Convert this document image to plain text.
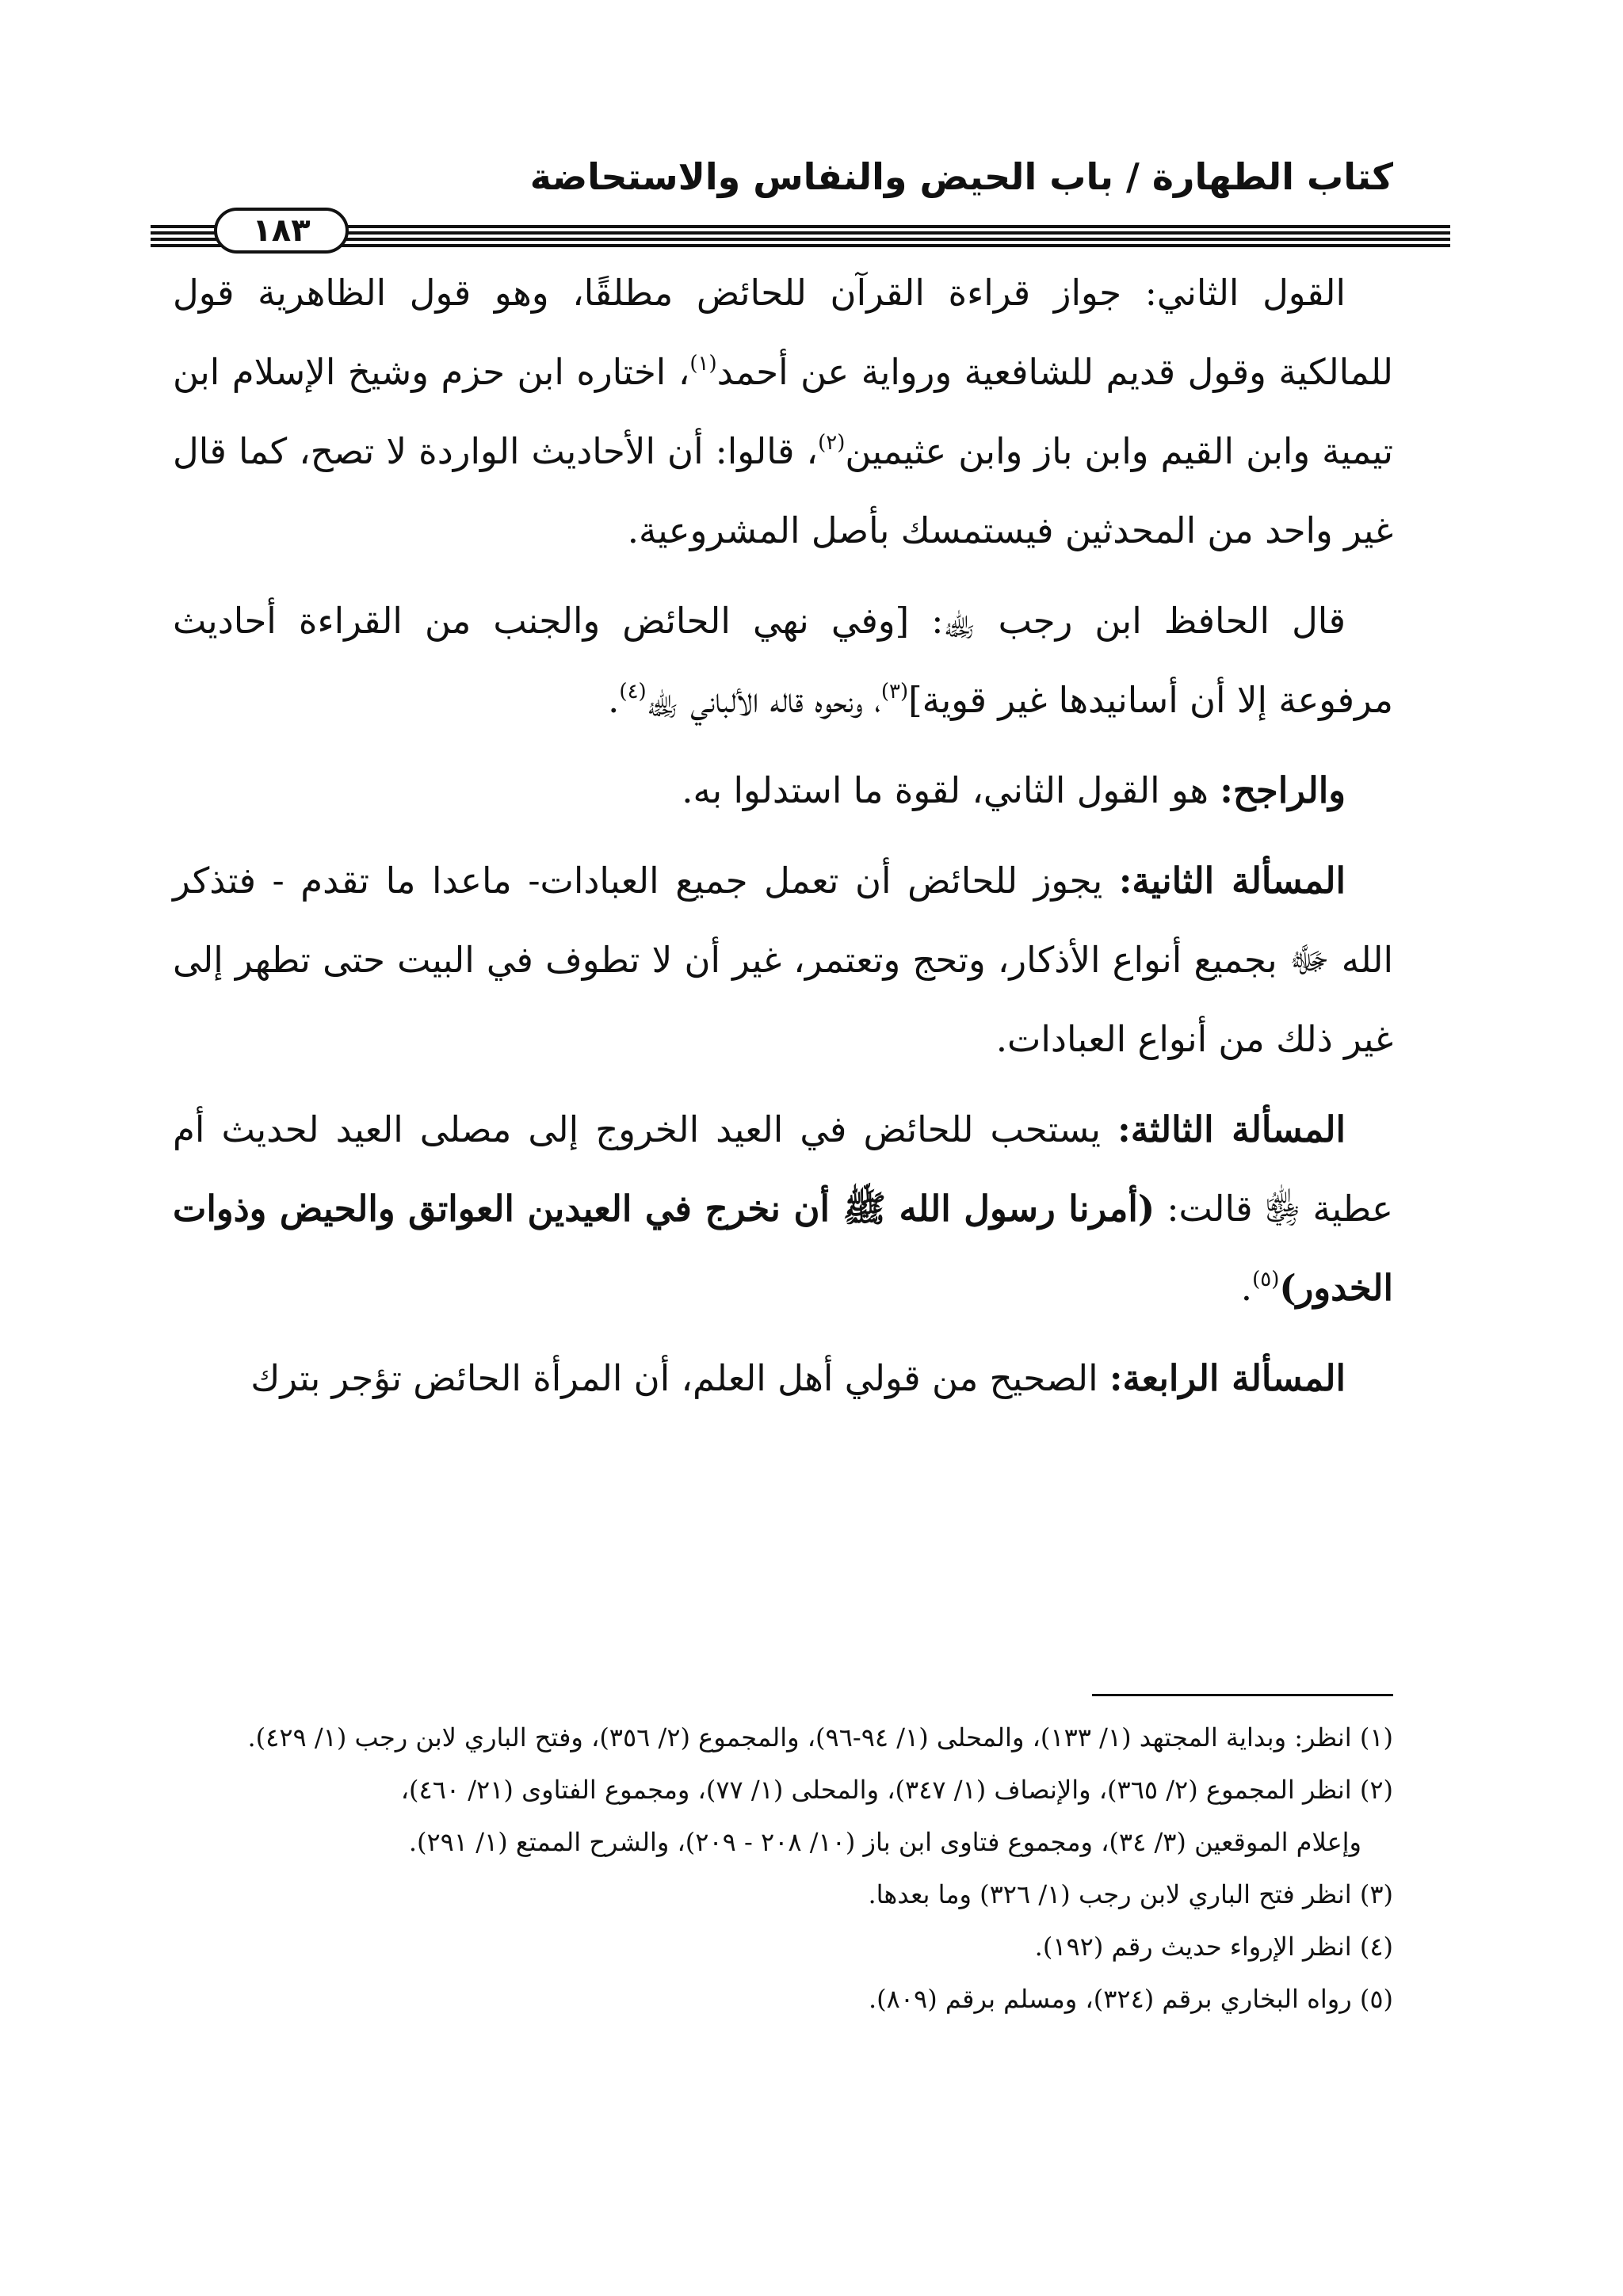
كتاب الطهارة / باب الحيض والنفاس والاستحاضة
١٨٣

القول الثاني: جواز قراءة القرآن للحائض مطلقًا، وهو قول الظاهرية قول للمالكية وقول قديم للشافعية ورواية عن أحمد$^{(١)}$، اختاره ابن حزم وشيخ الإسلام ابن تيمية وابن القيم وابن باز وابن عثيمين$^{(٢)}$، قالوا: أن الأحاديث الواردة لا تصح، كما قال غير واحد من المحدثين فيستمسك بأصل المشروعية.

قال الحافظ ابن رجب ﵀: [وفي نهي الحائض والجنب من القراءة أحاديث مرفوعة إلا أن أسانيدها غير قوية]$^{(٣)}$، ونحوه قاله الألباني ﵀$^{(٤)}$.

والراجح: هو القول الثاني، لقوة ما استدلوا به.

المسألة الثانية: يجوز للحائض أن تعمل جميع العبادات- ماعدا ما تقدم - فتذكر الله ﷻ بجميع أنواع الأذكار، وتحج وتعتمر، غير أن لا تطوف في البيت حتى تطهر إلى غير ذلك من أنواع العبادات.

المسألة الثالثة: يستحب للحائض في العيد الخروج إلى مصلى العيد لحديث أم عطية ﵂ قالت: (أمرنا رسول الله ﷺ أن نخرج في العيدين العواتق والحيض وذوات الخدور)$^{(٥)}$.

المسألة الرابعة: الصحيح من قولي أهل العلم، أن المرأة الحائض تؤجر بترك

(١) انظر: وبداية المجتهد (١/ ١٣٣)، والمحلى (١/ ٩٤-٩٦)، والمجموع (٢/ ٣٥٦)، وفتح الباري لابن رجب (١/ ٤٢٩).

(٢) انظر المجموع (٢/ ٣٦٥)، والإنصاف (١/ ٣٤٧)، والمحلى (١/ ٧٧)، ومجموع الفتاوى (٢١/ ٤٦٠)،

وإعلام الموقعين (٣/ ٣٤)، ومجموع فتاوى ابن باز (١٠/ ٢٠٨ - ٢٠٩)، والشرح الممتع (١/ ٢٩١).

(٣) انظر فتح الباري لابن رجب (١/ ٣٢٦) وما بعدها.

(٤) انظر الإرواء حديث رقم (١٩٢).

(٥) رواه البخاري برقم (٣٢٤)، ومسلم برقم (٨٠٩).
